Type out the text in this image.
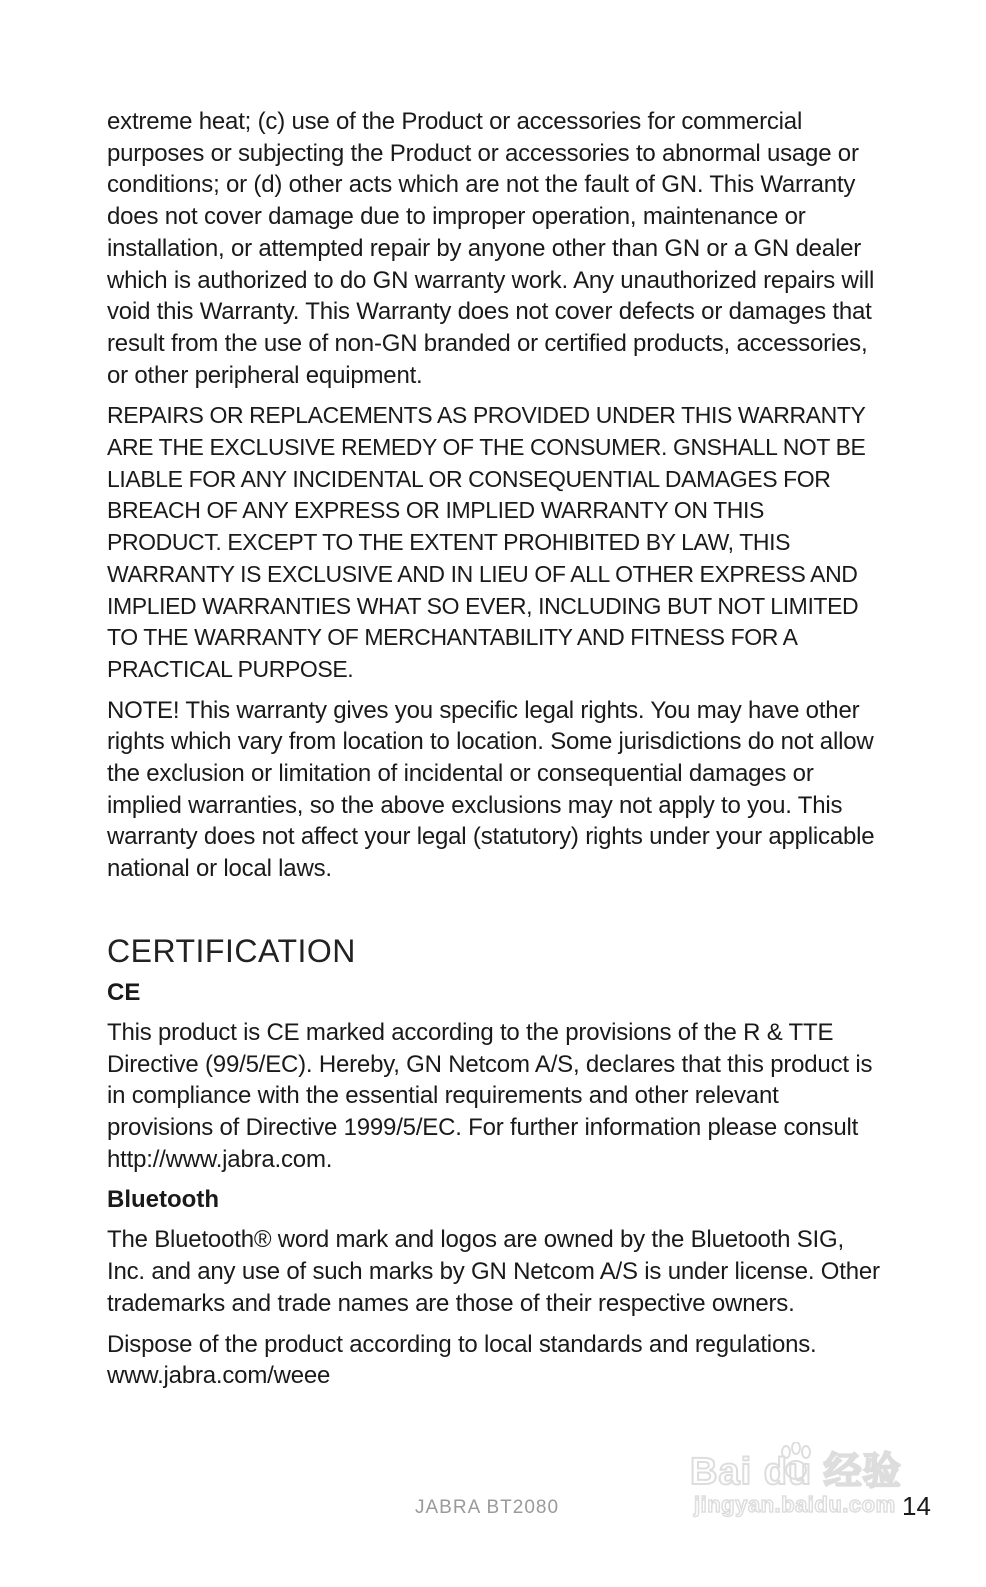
extreme heat; (c) use of the Product or accessories for commercial purposes or subjecting the Product or accessories to abnormal usage or conditions; or (d) other acts which are not the fault of GN. This Warranty does not cover damage due to improper operation, maintenance or installation, or attempted repair by anyone other than GN or a GN dealer which is authorized to do GN warranty work. Any unauthorized repairs will void this Warranty. This Warranty does not cover defects or damages that result from the use of non-GN branded or certified products, accessories, or other peripheral equipment.

REPAIRS OR REPLACEMENTS AS PROVIDED UNDER THIS WARRANTY ARE THE EXCLUSIVE REMEDY OF THE CONSUMER. GNSHALL NOT BE LIABLE FOR ANY INCIDENTAL OR CONSEQUENTIAL DAMAGES FOR BREACH OF ANY EXPRESS OR IMPLIED WARRANTY ON THIS PRODUCT. EXCEPT TO THE EXTENT PROHIBITED BY LAW, THIS WARRANTY IS EXCLUSIVE AND IN LIEU OF ALL OTHER EXPRESS AND IMPLIED WARRANTIES WHAT SO EVER, INCLUDING BUT NOT LIMITED TO THE WARRANTY OF MERCHANTABILITY AND FITNESS FOR A PRACTICAL PURPOSE.

NOTE! This warranty gives you specific legal rights. You may have other rights which vary from location to location. Some jurisdictions do not allow the exclusion or limitation of incidental or consequential damages or implied warranties, so the above exclusions may not apply to you. This warranty does not affect your legal (statutory) rights under your applicable national or local laws.

CERTIFICATION
CE

This product is CE marked according to the provisions of the R & TTE Directive (99/5/EC). Hereby, GN Netcom A/S, declares that this product is in compliance with the essential requirements and other relevant provisions of Directive 1999/5/EC. For further information please consult http://www.jabra.com.

Bluetooth

The Bluetooth® word mark and logos are owned by the Bluetooth SIG, Inc. and any use of such marks by GN Netcom A/S is under license. Other trademarks and trade names are those of their respective owners.

Dispose of the product according to local standards and regulations.
www.jabra.com/weee

JABRA BT2080
Bai du 经验
jingyan.baidu.com 14
